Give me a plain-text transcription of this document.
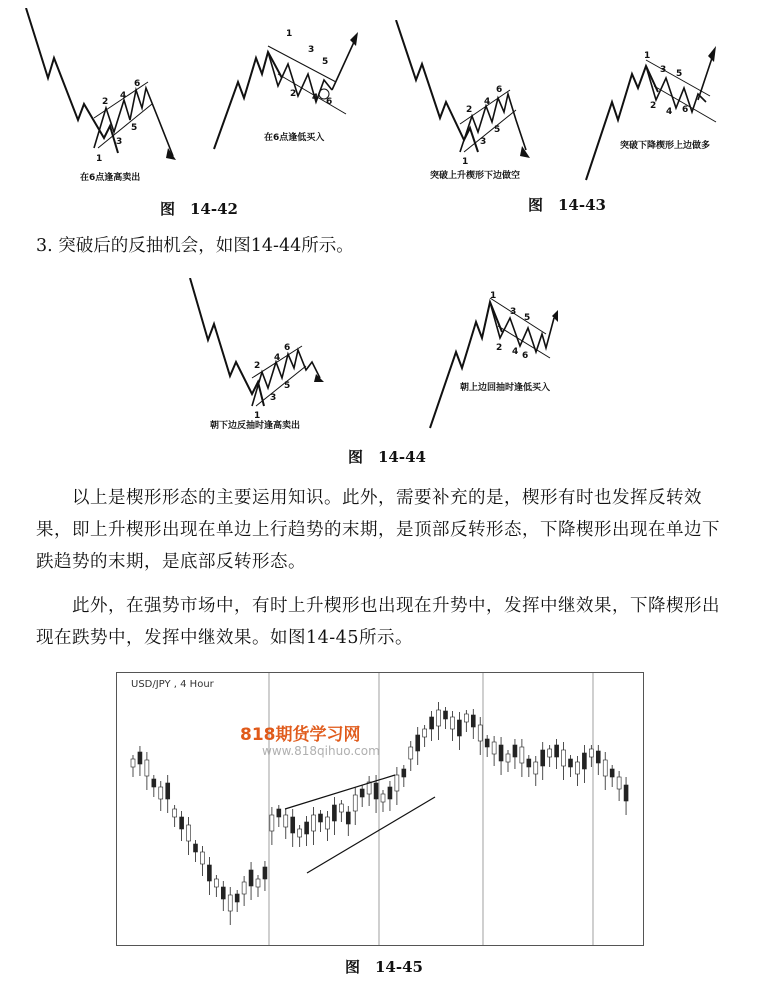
1
2
3
4
5
6
在6点逢高卖出
1
2
3
4
5
6
在6点逢低买入
1
2
3
4
5
6
突破上升楔形下边做空
1
2
3
4
5
6
突破下降楔形上边做多
图　14-42	图　14-43
3. 突破后的反抽机会，如图14-44所示。
1
2
3
4
5
6
朝下边反抽时逢高卖出
1
2
3
4
5
6
朝上边回抽时逢低买入
图　14-44
以上是楔形形态的主要运用知识。此外，需要补充的是，楔形有时也发挥反转效果，即上升楔形出现在单边上行趋势的末期，是顶部反转形态，下降楔形出现在单边下跌趋势的末期，是底部反转形态。
此外，在强势市场中，有时上升楔形也出现在升势中，发挥中继效果，下降楔形出现在跌势中，发挥中继效果。如图14-45所示。
USD/JPY , 4 Hour
818期货学习网
www.818qihuo.com
图　14-45
